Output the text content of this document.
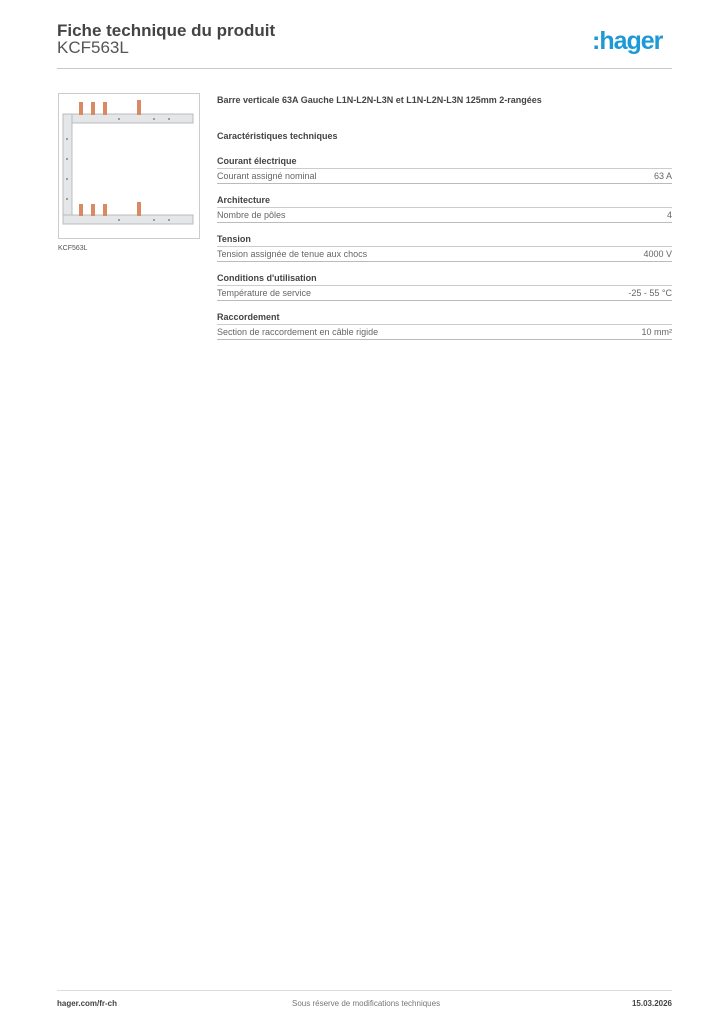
Fiche technique du produit
KCF563L	:hager
KCF563L
Barre verticale 63A Gauche L1N-L2N-L3N et L1N-L2N-L3N 125mm 2-rangées
Caractéristiques techniques
Courant électrique
Courant assigné nominal	63 A
Architecture
Nombre de pôles	4
Tension
Tension assignée de tenue aux chocs	4000 V
Conditions d'utilisation
Température de service	-25 - 55 °C
Raccordement
Section de raccordement en câble rigide	10 mm²
hager.com/fr-ch	Sous réserve de modifications techniques	15.03.2026
